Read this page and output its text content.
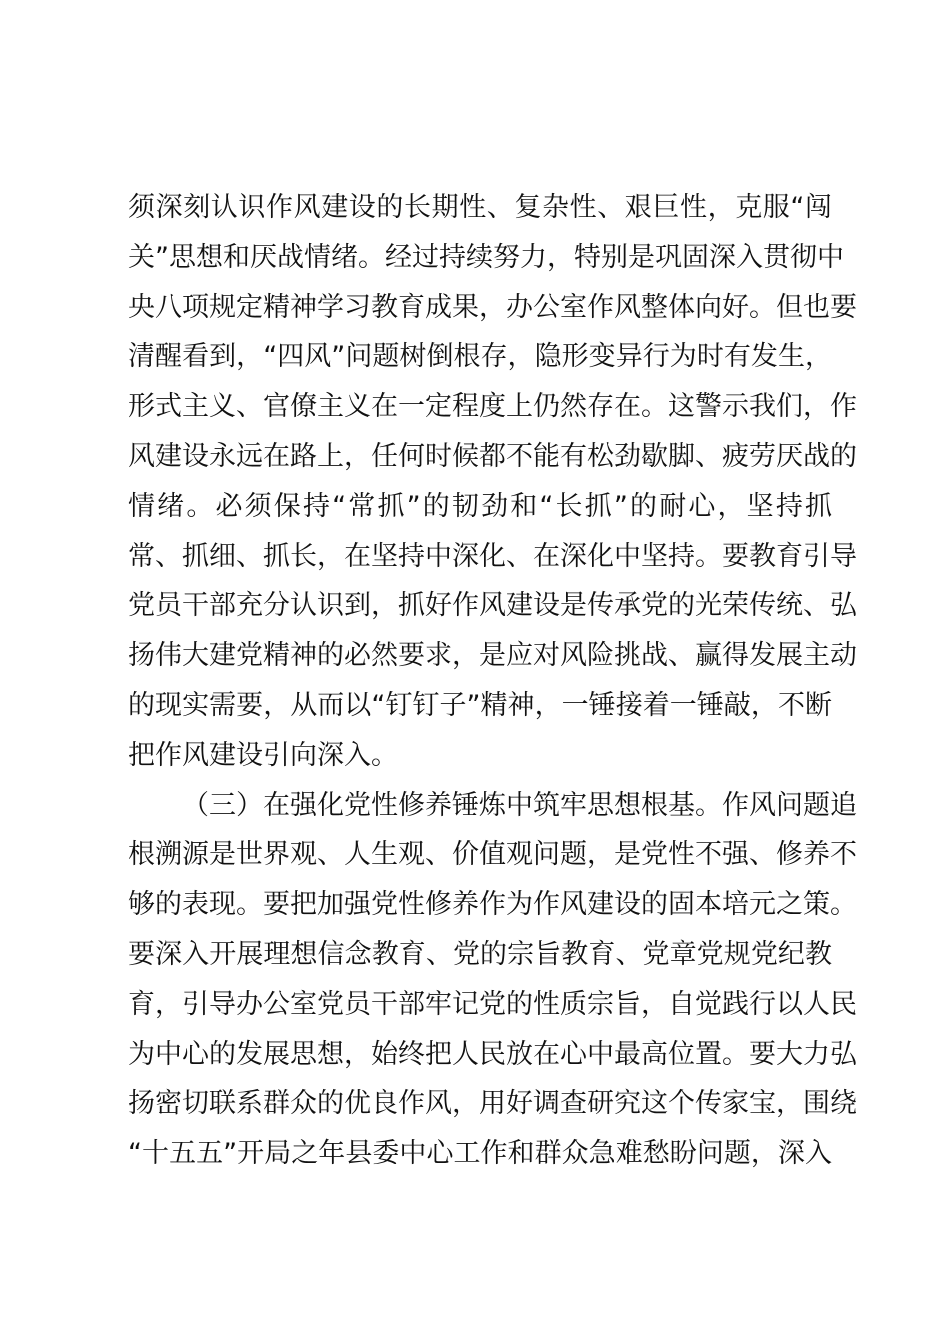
须深刻认识作风建设的长期性、复杂性、艰巨性，克服“闯
关”思想和厌战情绪。经过持续努力，特别是巩固深入贯彻中
央八项规定精神学习教育成果，办公室作风整体向好。但也要
清醒看到，“四风”问题树倒根存，隐形变异行为时有发生，
形式主义、官僚主义在一定程度上仍然存在。这警示我们，作
风建设永远在路上，任何时候都不能有松劲歇脚、疲劳厌战的
情绪。必须保持“常抓”的韧劲和“长抓”的耐心，坚持抓
常、抓细、抓长，在坚持中深化、在深化中坚持。要教育引导
党员干部充分认识到，抓好作风建设是传承党的光荣传统、弘
扬伟大建党精神的必然要求，是应对风险挑战、赢得发展主动
的现实需要，从而以“钉钉子”精神，一锤接着一锤敲，不断
把作风建设引向深入。
（三）在强化党性修养锤炼中筑牢思想根基。作风问题追
根溯源是世界观、人生观、价值观问题，是党性不强、修养不
够的表现。要把加强党性修养作为作风建设的固本培元之策。
要深入开展理想信念教育、党的宗旨教育、党章党规党纪教
育，引导办公室党员干部牢记党的性质宗旨，自觉践行以人民
为中心的发展思想，始终把人民放在心中最高位置。要大力弘
扬密切联系群众的优良作风，用好调查研究这个传家宝，围绕
“十五五”开局之年县委中心工作和群众急难愁盼问题，深入
